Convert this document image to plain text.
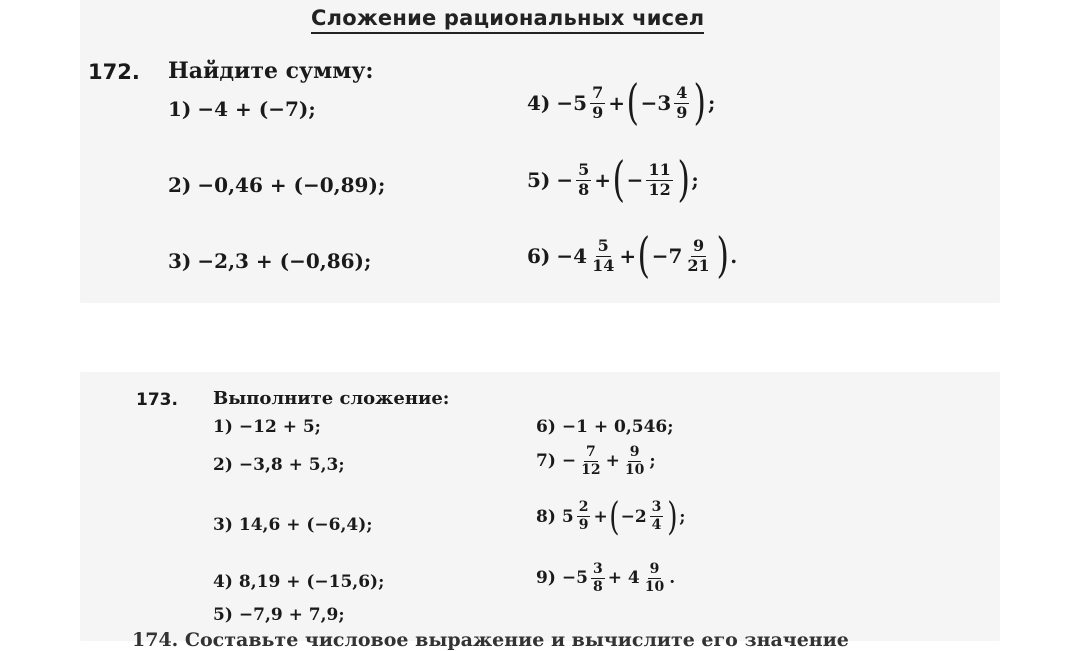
Сложение рациональных чисел
172. Найдите сумму:
1) −4 + (−7);
2) −0,46 + (−0,89);
3) −2,3 + (−0,86);
$4) -5 \frac{7}{9}$ + ( $-3 \frac{4}{9}$ ) ;
$5) - \frac{5}{8}$ + ( − $\frac{11}{12}$ ) ;
$6) -4 \frac{5}{14}$ + ( $-7 \frac{9}{21}$ ) .
173. Выполните сложение:
1) −12 + 5;
2) −3,8 + 5,3;
3) 14,6 + (−6,4);
4) 8,19 + (−15,6);
5) −7,9 + 7,9;
6) −1 + 0,546;
$7) - \frac{7}{12} + \frac{9}{10}$ ;
8) $5 \frac{2}{9}$ + ( $-2 \frac{3}{4}$ ) ;
$9) -5 \frac{3}{8} + 4 \frac{9}{10}$ .
174. Составьте числовое выражение и вычислите его значение
